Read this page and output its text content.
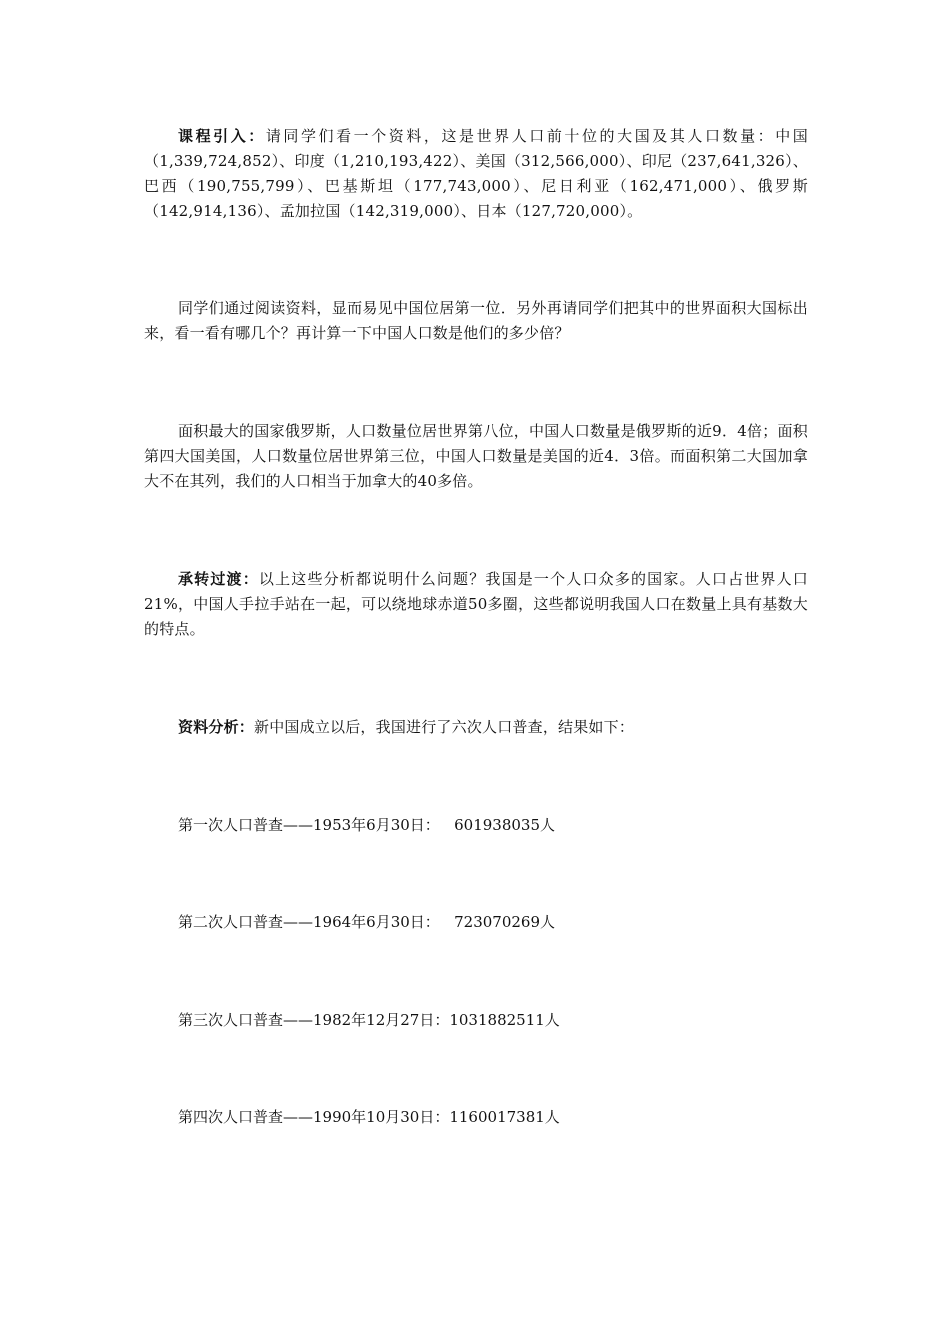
课程引入：请同学们看一个资料，这是世界人口前十位的大国及其人口数量：中国（1,339,724,852）、印度（1,210,193,422）、美国（312,566,000）、印尼（237,641,326）、巴西（190,755,799）、巴基斯坦（177,743,000）、尼日利亚（162,471,000）、俄罗斯（142,914,136）、孟加拉国（142,319,000）、日本（127,720,000）。

同学们通过阅读资料，显而易见中国位居第一位．另外再请同学们把其中的世界面积大国标出来，看一看有哪几个？再计算一下中国人口数是他们的多少倍？

面积最大的国家俄罗斯，人口数量位居世界第八位，中国人口数量是俄罗斯的近9．4倍；面积第四大国美国，人口数量位居世界第三位，中国人口数量是美国的近4．3倍。而面积第二大国加拿大不在其列，我们的人口相当于加拿大的40多倍。

承转过渡：以上这些分析都说明什么问题？我国是一个人口众多的国家。人口占世界人口21%，中国人手拉手站在一起，可以绕地球赤道50多圈，这些都说明我国人口在数量上具有基数大的特点。

资料分析：新中国成立以后，我国进行了六次人口普查，结果如下：

第一次人口普查——1953年6月30日：   601938035人

第二次人口普查——1964年6月30日：   723070269人

第三次人口普查——1982年12月27日：1031882511人

第四次人口普查——1990年10月30日：1160017381人
